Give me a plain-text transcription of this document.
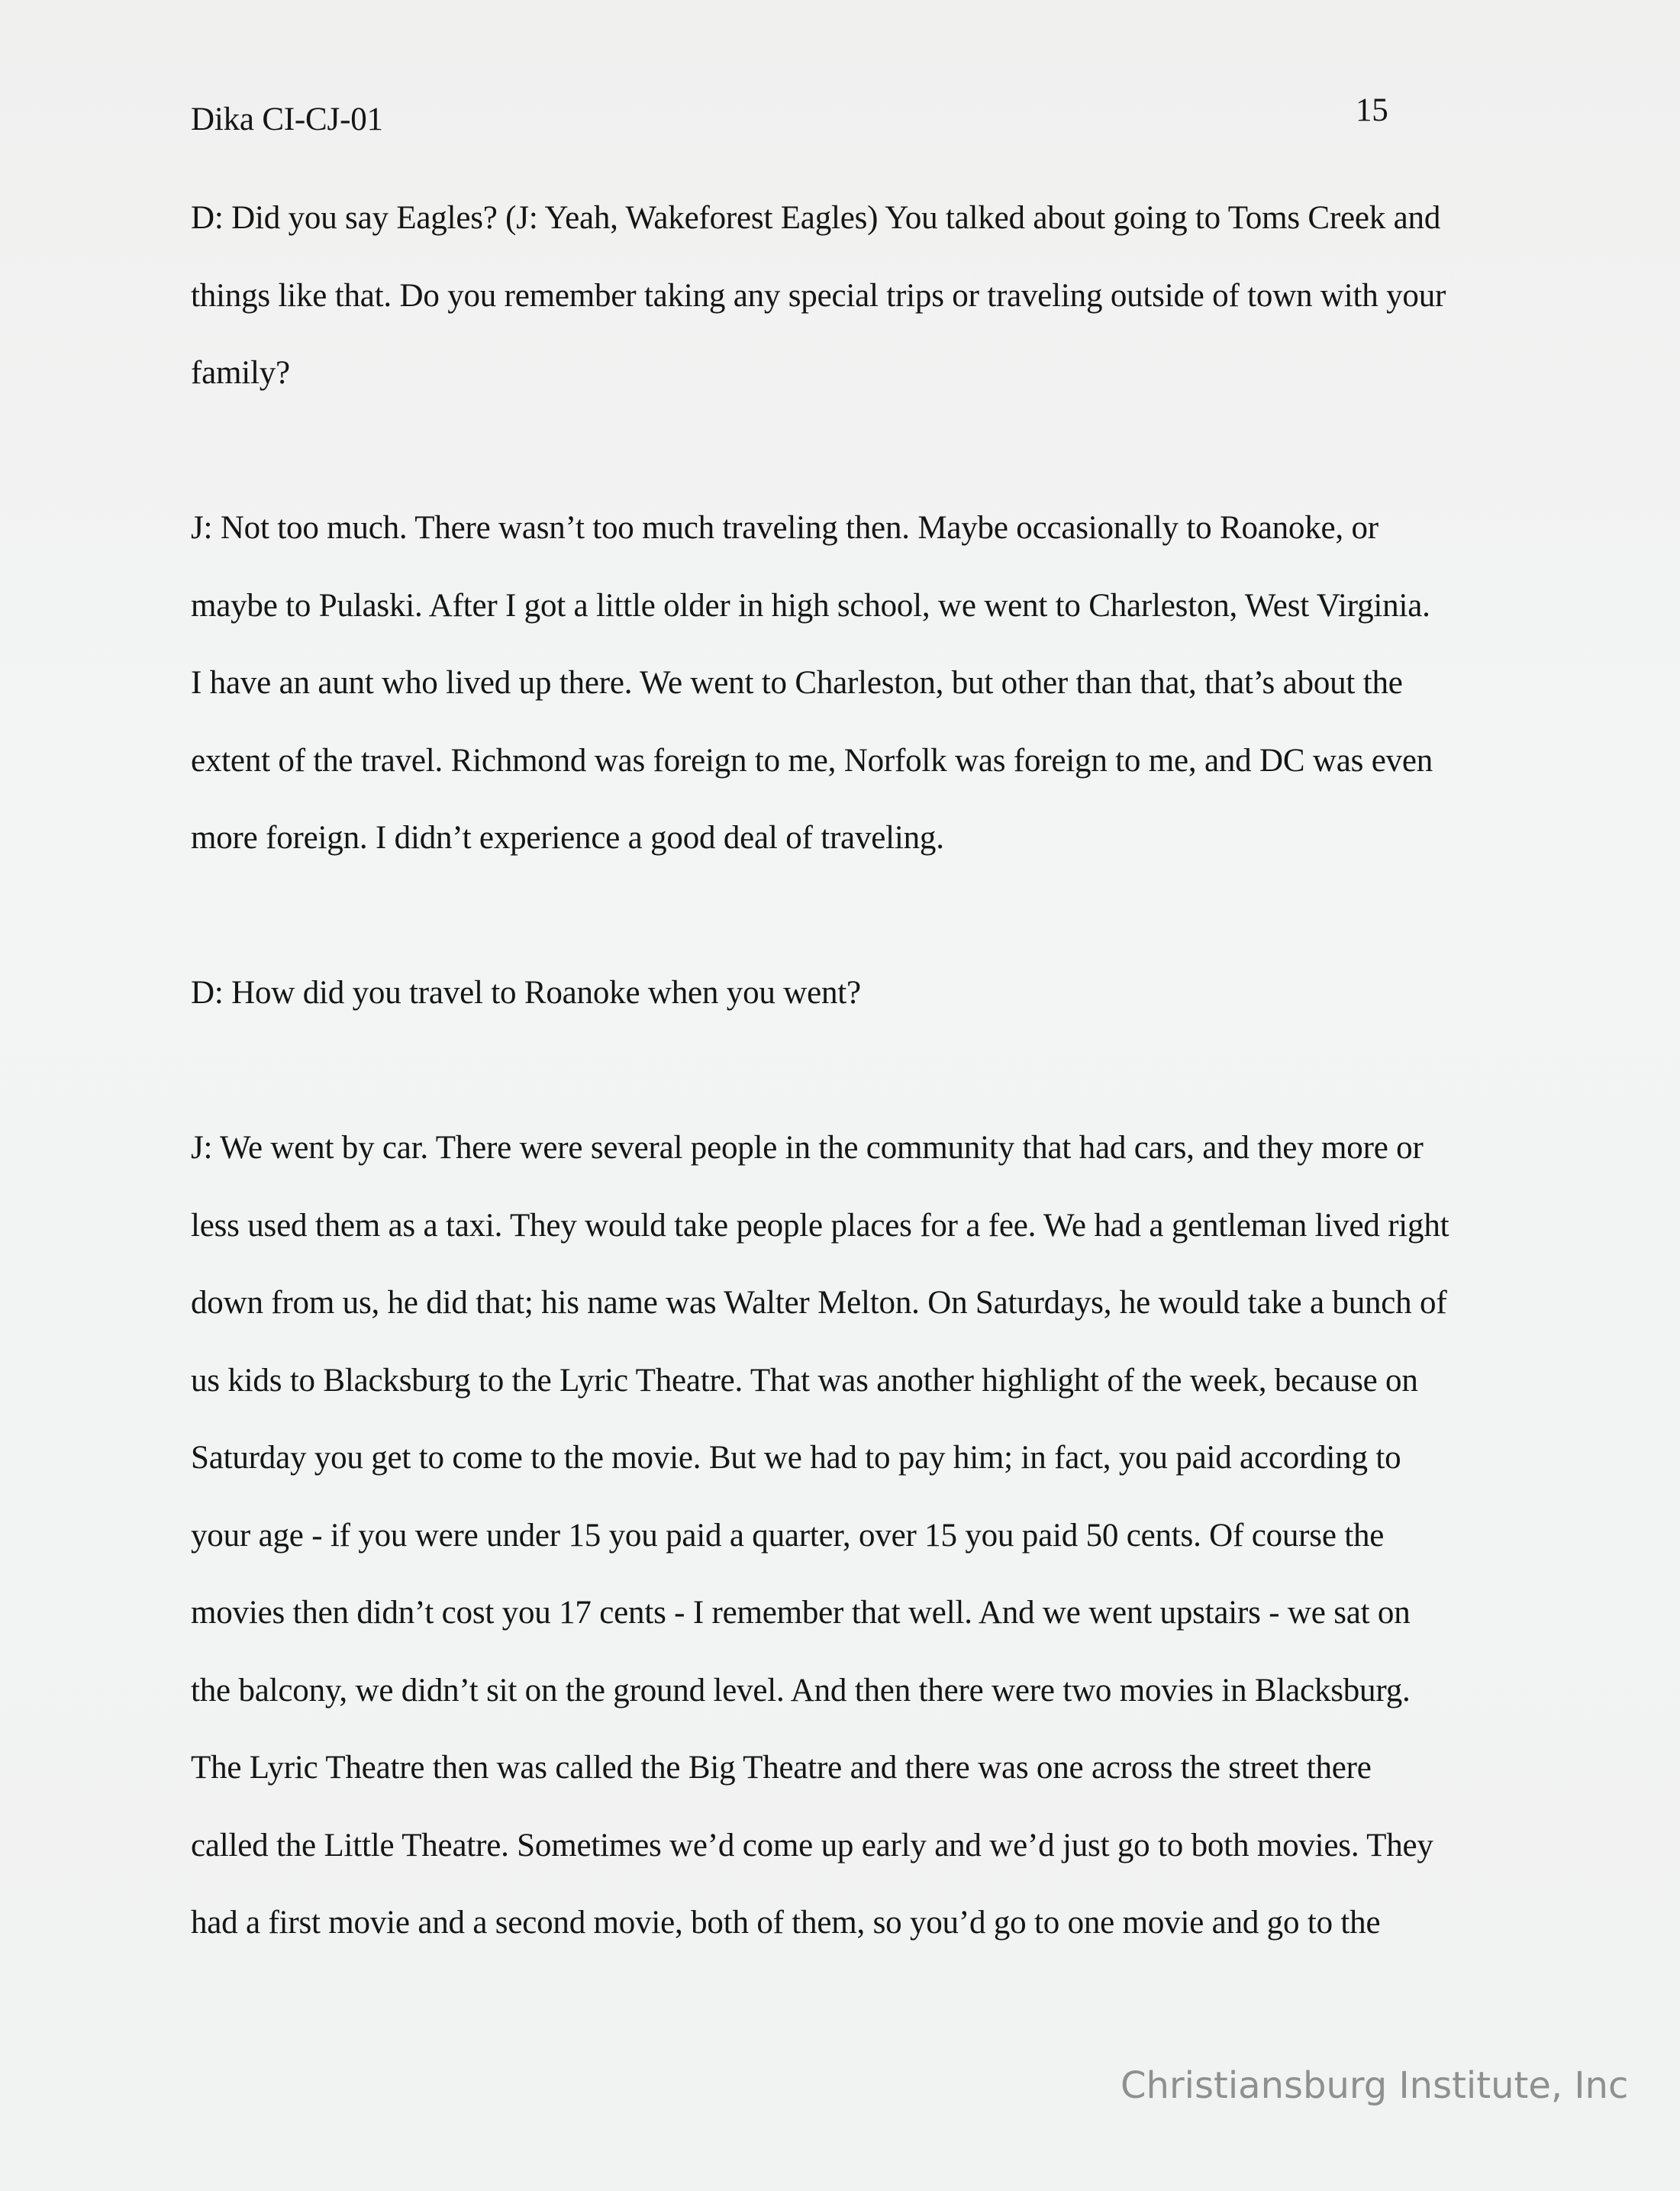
Dika CI-CJ-01	15
D: Did you say Eagles? (J: Yeah, Wakeforest Eagles) You talked about going to Toms Creek and
things like that. Do you remember taking any special trips or traveling outside of town with your
family?
J: Not too much. There wasn’t too much traveling then. Maybe occasionally to Roanoke, or
maybe to Pulaski. After I got a little older in high school, we went to Charleston, West Virginia.
I have an aunt who lived up there. We went to Charleston, but other than that, that’s about the
extent of the travel. Richmond was foreign to me, Norfolk was foreign to me, and DC was even
more foreign. I didn’t experience a good deal of traveling.
D: How did you travel to Roanoke when you went?
J: We went by car. There were several people in the community that had cars, and they more or
less used them as a taxi. They would take people places for a fee. We had a gentleman lived right
down from us, he did that; his name was Walter Melton. On Saturdays, he would take a bunch of
us kids to Blacksburg to the Lyric Theatre. That was another highlight of the week, because on
Saturday you get to come to the movie. But we had to pay him; in fact, you paid according to
your age - if you were under 15 you paid a quarter, over 15 you paid 50 cents. Of course the
movies then didn’t cost you 17 cents - I remember that well. And we went upstairs - we sat on
the balcony, we didn’t sit on the ground level. And then there were two movies in Blacksburg.
The Lyric Theatre then was called the Big Theatre and there was one across the street there
called the Little Theatre. Sometimes we’d come up early and we’d just go to both movies. They
had a first movie and a second movie, both of them, so you’d go to one movie and go to the
Christiansburg Institute, Inc
